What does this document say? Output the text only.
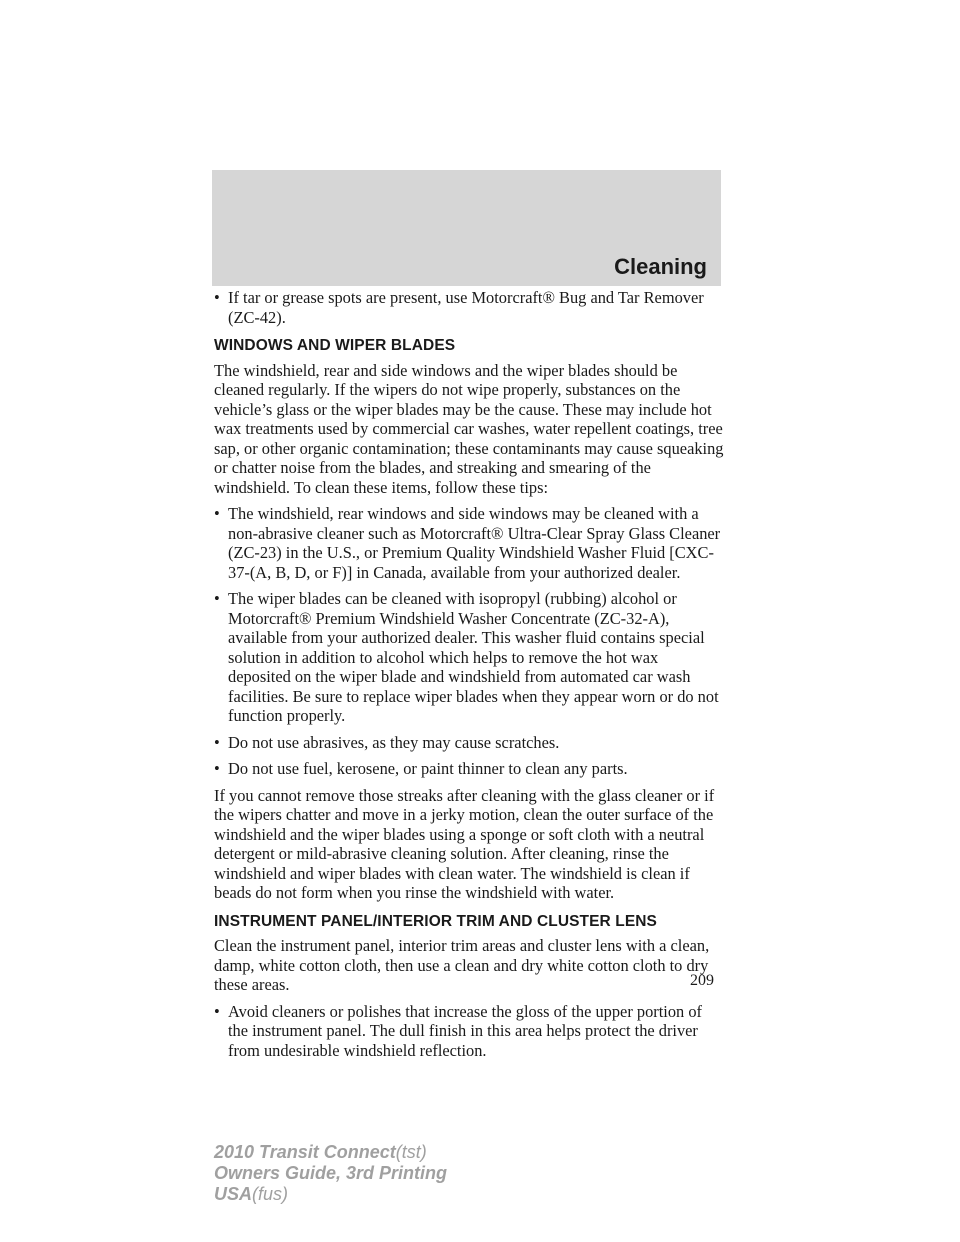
Cleaning
• If tar or grease spots are present, use Motorcraft® Bug and Tar Remover (ZC-42).
WINDOWS AND WIPER BLADES

The windshield, rear and side windows and the wiper blades should be cleaned regularly. If the wipers do not wipe properly, substances on the vehicle’s glass or the wiper blades may be the cause. These may include hot wax treatments used by commercial car washes, water repellent coatings, tree sap, or other organic contamination; these contaminants may cause squeaking or chatter noise from the blades, and streaking and smearing of the windshield. To clean these items, follow these tips:

• The windshield, rear windows and side windows may be cleaned with a non-abrasive cleaner such as Motorcraft® Ultra-Clear Spray Glass Cleaner (ZC-23) in the U.S., or Premium Quality Windshield Washer Fluid [CXC-37-(A, B, D, or F)] in Canada, available from your authorized dealer.
• The wiper blades can be cleaned with isopropyl (rubbing) alcohol or Motorcraft® Premium Windshield Washer Concentrate (ZC-32-A), available from your authorized dealer. This washer fluid contains special solution in addition to alcohol which helps to remove the hot wax deposited on the wiper blade and windshield from automated car wash facilities. Be sure to replace wiper blades when they appear worn or do not function properly.
• Do not use abrasives, as they may cause scratches.
• Do not use fuel, kerosene, or paint thinner to clean any parts.

If you cannot remove those streaks after cleaning with the glass cleaner or if the wipers chatter and move in a jerky motion, clean the outer surface of the windshield and the wiper blades using a sponge or soft cloth with a neutral detergent or mild-abrasive cleaning solution. After cleaning, rinse the windshield and wiper blades with clean water. The windshield is clean if beads do not form when you rinse the windshield with water.

INSTRUMENT PANEL/INTERIOR TRIM AND CLUSTER LENS

Clean the instrument panel, interior trim areas and cluster lens with a clean, damp, white cotton cloth, then use a clean and dry white cotton cloth to dry these areas.

• Avoid cleaners or polishes that increase the gloss of the upper portion of the instrument panel. The dull finish in this area helps protect the driver from undesirable windshield reflection.
209
2010 Transit Connect(tst)
Owners Guide, 3rd Printing
USA(fus)
